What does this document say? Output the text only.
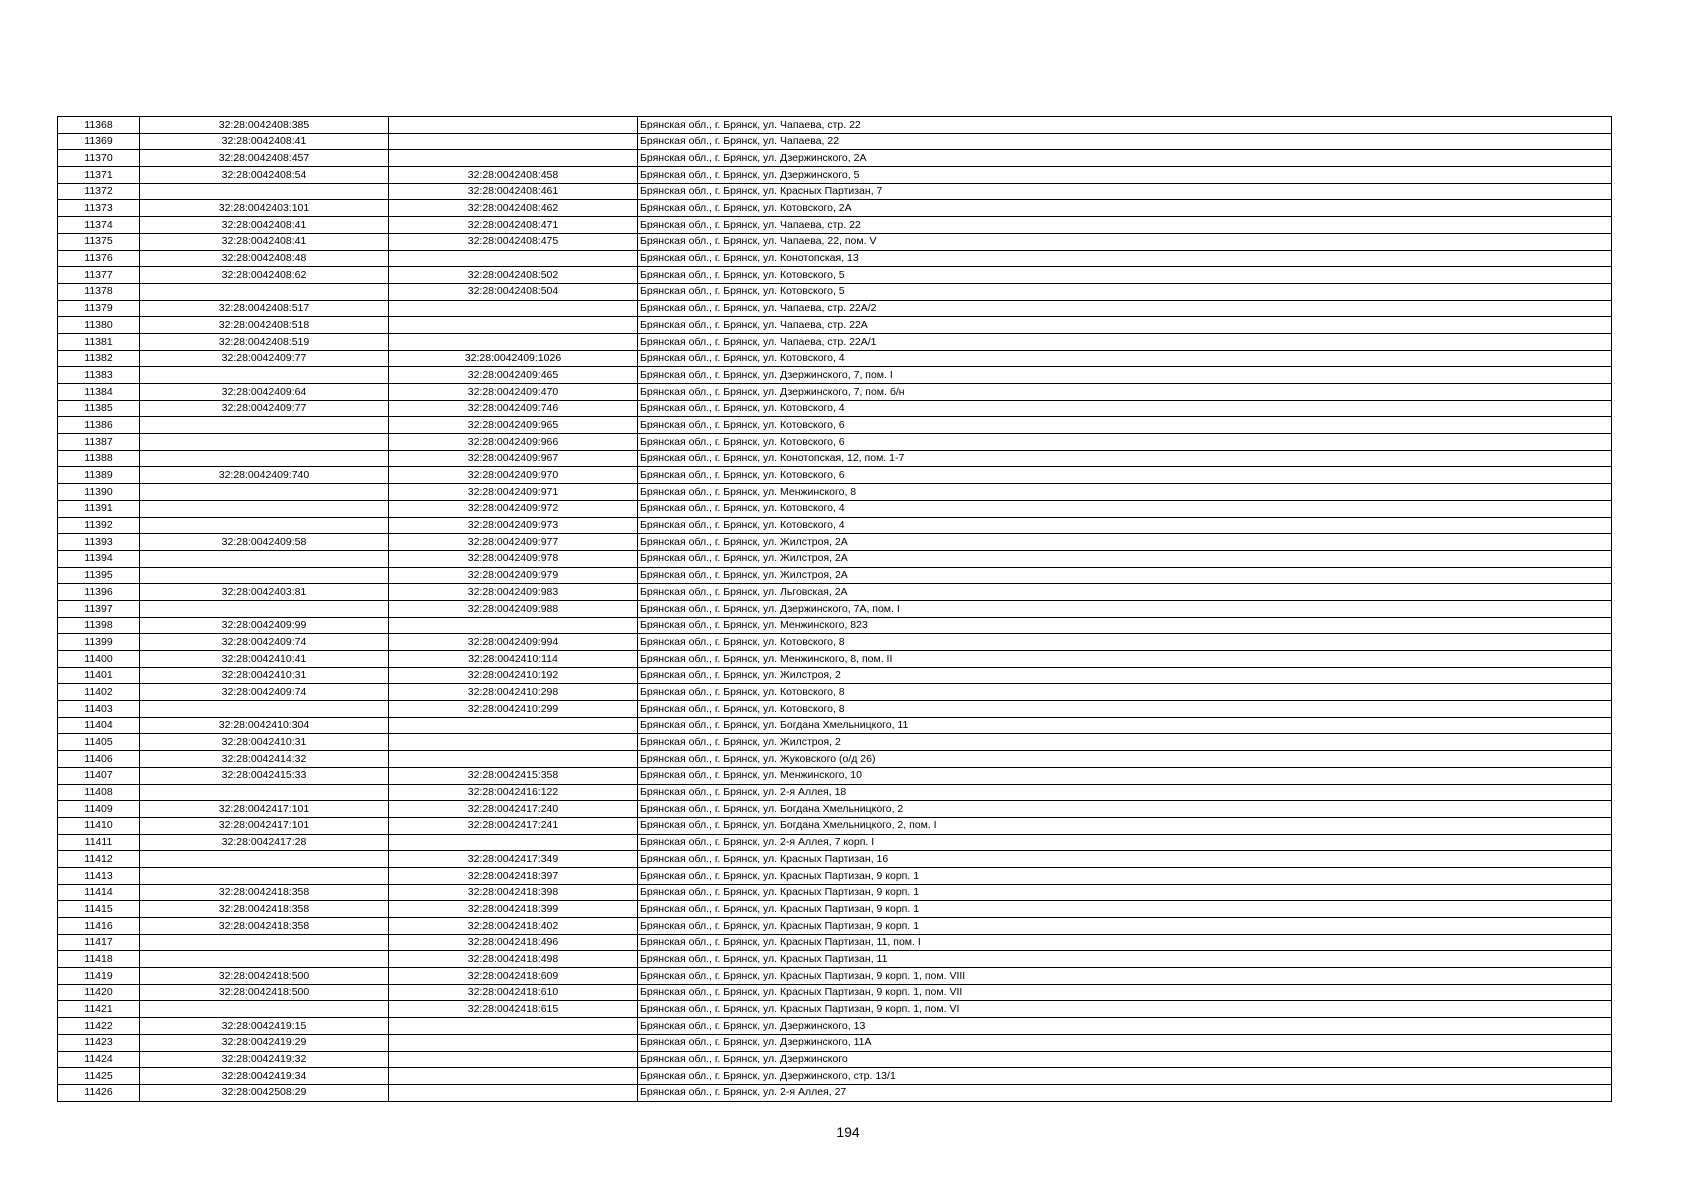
11368	32:28:0042408:385		Брянская обл., г. Брянск, ул. Чапаева, стр. 22
11369	32:28:0042408:41		Брянская обл., г. Брянск, ул. Чапаева, 22
11370	32:28:0042408:457		Брянская обл., г. Брянск, ул. Дзержинского, 2А
11371	32:28:0042408:54	32:28:0042408:458	Брянская обл., г. Брянск, ул. Дзержинского, 5
11372		32:28:0042408:461	Брянская обл., г. Брянск, ул. Красных Партизан, 7
11373	32:28:0042403:101	32:28:0042408:462	Брянская обл., г. Брянск, ул. Котовского, 2А
11374	32:28:0042408:41	32:28:0042408:471	Брянская обл., г. Брянск, ул. Чапаева, стр. 22
11375	32:28:0042408:41	32:28:0042408:475	Брянская обл., г. Брянск, ул. Чапаева, 22, пом. V
11376	32:28:0042408:48		Брянская обл., г. Брянск, ул. Конотопская, 13
11377	32:28:0042408:62	32:28:0042408:502	Брянская обл., г. Брянск, ул. Котовского, 5
11378		32:28:0042408:504	Брянская обл., г. Брянск, ул. Котовского, 5
11379	32:28:0042408:517		Брянская обл., г. Брянск, ул. Чапаева, стр. 22А/2
11380	32:28:0042408:518		Брянская обл., г. Брянск, ул. Чапаева, стр. 22А
11381	32:28:0042408:519		Брянская обл., г. Брянск, ул. Чапаева, стр. 22А/1
11382	32:28:0042409:77	32:28:0042409:1026	Брянская обл., г. Брянск, ул. Котовского, 4
11383		32:28:0042409:465	Брянская обл., г. Брянск, ул. Дзержинского, 7, пом. I
11384	32:28:0042409:64	32:28:0042409:470	Брянская обл., г. Брянск, ул. Дзержинского, 7, пом. б/н
11385	32:28:0042409:77	32:28:0042409:746	Брянская обл., г. Брянск, ул. Котовского, 4
11386		32:28:0042409:965	Брянская обл., г. Брянск, ул. Котовского, 6
11387		32:28:0042409:966	Брянская обл., г. Брянск, ул. Котовского, 6
11388		32:28:0042409:967	Брянская обл., г. Брянск, ул. Конотопская, 12, пом. 1-7
11389	32:28:0042409:740	32:28:0042409:970	Брянская обл., г. Брянск, ул. Котовского, 6
11390		32:28:0042409:971	Брянская обл., г. Брянск, ул. Менжинского, 8
11391		32:28:0042409:972	Брянская обл., г. Брянск, ул. Котовского, 4
11392		32:28:0042409:973	Брянская обл., г. Брянск, ул. Котовского, 4
11393	32:28:0042409:58	32:28:0042409:977	Брянская обл., г. Брянск, ул. Жилстроя, 2А
11394		32:28:0042409:978	Брянская обл., г. Брянск, ул. Жилстроя, 2А
11395		32:28:0042409:979	Брянская обл., г. Брянск, ул. Жилстроя, 2А
11396	32:28:0042403:81	32:28:0042409:983	Брянская обл., г. Брянск, ул. Льговская, 2А
11397		32:28:0042409:988	Брянская обл., г. Брянск, ул. Дзержинского, 7А, пом. I
11398	32:28:0042409:99		Брянская обл., г. Брянск, ул. Менжинского, 823
11399	32:28:0042409:74	32:28:0042409:994	Брянская обл., г. Брянск, ул. Котовского, 8
11400	32:28:0042410:41	32:28:0042410:114	Брянская обл., г. Брянск, ул. Менжинского, 8, пом. II
11401	32:28:0042410:31	32:28:0042410:192	Брянская обл., г. Брянск, ул. Жилстроя, 2
11402	32:28:0042409:74	32:28:0042410:298	Брянская обл., г. Брянск, ул. Котовского, 8
11403		32:28:0042410:299	Брянская обл., г. Брянск, ул. Котовского, 8
11404	32:28:0042410:304		Брянская обл., г. Брянск, ул. Богдана Хмельницкого, 11
11405	32:28:0042410:31		Брянская обл., г. Брянск, ул. Жилстроя, 2
11406	32:28:0042414:32		Брянская обл., г. Брянск, ул. Жуковского (о/д 26)
11407	32:28:0042415:33	32:28:0042415:358	Брянская обл., г. Брянск, ул. Менжинского, 10
11408		32:28:0042416:122	Брянская обл., г. Брянск, ул. 2-я Аллея, 18
11409	32:28:0042417:101	32:28:0042417:240	Брянская обл., г. Брянск, ул. Богдана Хмельницкого, 2
11410	32:28:0042417:101	32:28:0042417:241	Брянская обл., г. Брянск, ул. Богдана Хмельницкого, 2, пом. I
11411	32:28:0042417:28		Брянская обл., г. Брянск, ул. 2-я Аллея, 7 корп. I
11412		32:28:0042417:349	Брянская обл., г. Брянск, ул. Красных Партизан, 16
11413		32:28:0042418:397	Брянская обл., г. Брянск, ул. Красных Партизан, 9 корп. 1
11414	32:28:0042418:358	32:28:0042418:398	Брянская обл., г. Брянск, ул. Красных Партизан, 9 корп. 1
11415	32:28:0042418:358	32:28:0042418:399	Брянская обл., г. Брянск, ул. Красных Партизан, 9 корп. 1
11416	32:28:0042418:358	32:28:0042418:402	Брянская обл., г. Брянск, ул. Красных Партизан, 9 корп. 1
11417		32:28:0042418:496	Брянская обл., г. Брянск, ул. Красных Партизан, 11, пом. I
11418		32:28:0042418:498	Брянская обл., г. Брянск, ул. Красных Партизан, 11
11419	32:28:0042418:500	32:28:0042418:609	Брянская обл., г. Брянск, ул. Красных Партизан, 9 корп. 1, пом. VIII
11420	32:28:0042418:500	32:28:0042418:610	Брянская обл., г. Брянск, ул. Красных Партизан, 9 корп. 1, пом. VII
11421		32:28:0042418:615	Брянская обл., г. Брянск, ул. Красных Партизан, 9 корп. 1, пом. VI
11422	32:28:0042419:15		Брянская обл., г. Брянск, ул. Дзержинского, 13
11423	32:28:0042419:29		Брянская обл., г. Брянск, ул. Дзержинского, 11А
11424	32:28:0042419:32		Брянская обл., г. Брянск, ул. Дзержинского
11425	32:28:0042419:34		Брянская обл., г. Брянск, ул. Дзержинского, стр. 13/1
11426	32:28:0042508:29		Брянская обл., г. Брянск, ул. 2-я Аллея, 27
194
